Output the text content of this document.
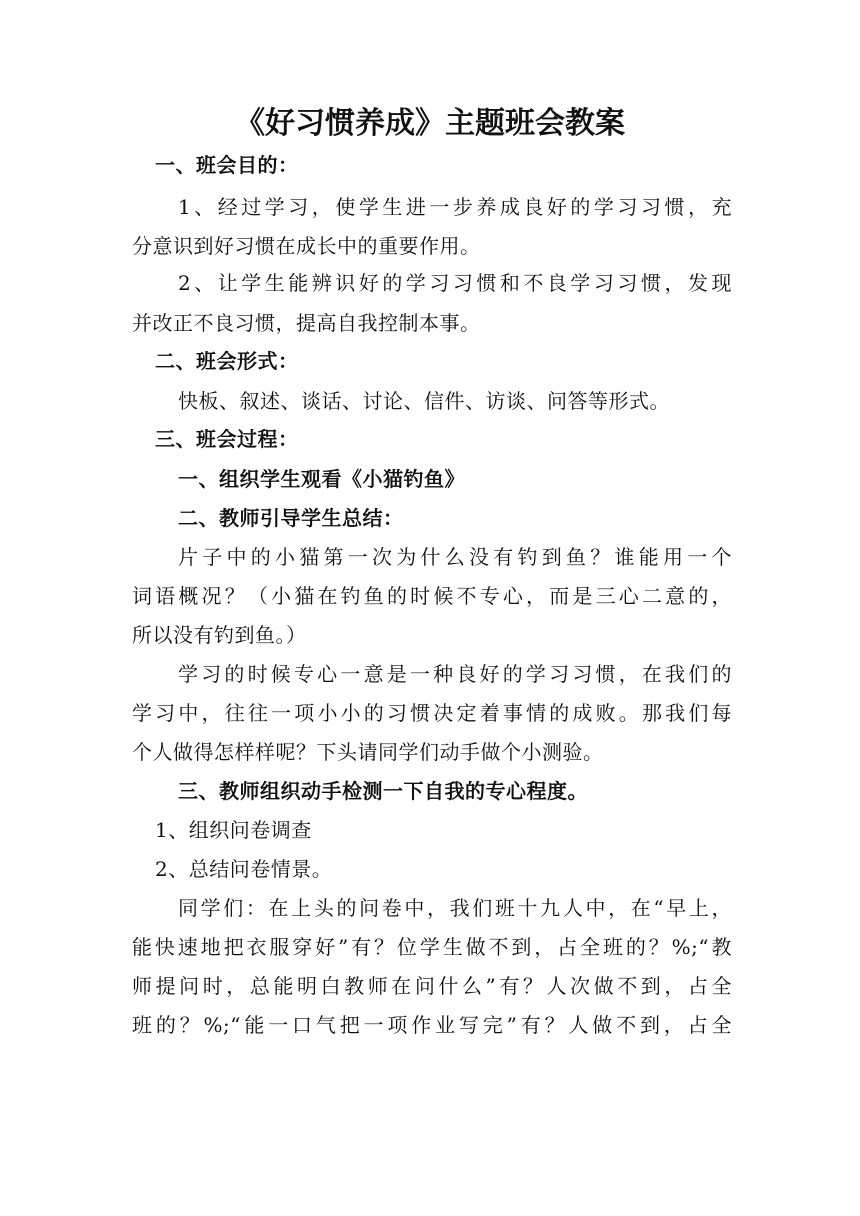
《好习惯养成》主题班会教案
一、班会目的：
1、经过学习，使学生进一步养成良好的学习习惯，充
分意识到好习惯在成长中的重要作用。
2、让学生能辨识好的学习习惯和不良学习习惯，发现
并改正不良习惯，提高自我控制本事。
二、班会形式：
快板、叙述、谈话、讨论、信件、访谈、问答等形式。
三、班会过程：
一、组织学生观看《小猫钓鱼》
二、教师引导学生总结：
片子中的小猫第一次为什么没有钓到鱼？谁能用一个
词语概况？（小猫在钓鱼的时候不专心，而是三心二意的，
所以没有钓到鱼。）
学习的时候专心一意是一种良好的学习习惯，在我们的
学习中，往往一项小小的习惯决定着事情的成败。那我们每
个人做得怎样样呢？下头请同学们动手做个小测验。
三、教师组织动手检测一下自我的专心程度。
1、组织问卷调查
2、总结问卷情景。
同学们：在上头的问卷中，我们班十九人中，在“早上，
能快速地把衣服穿好”有？位学生做不到，占全班的？%;“教
师提问时，总能明白教师在问什么”有？人次做不到，占全
班的？%;“能一口气把一项作业写完”有？人做不到，占全
